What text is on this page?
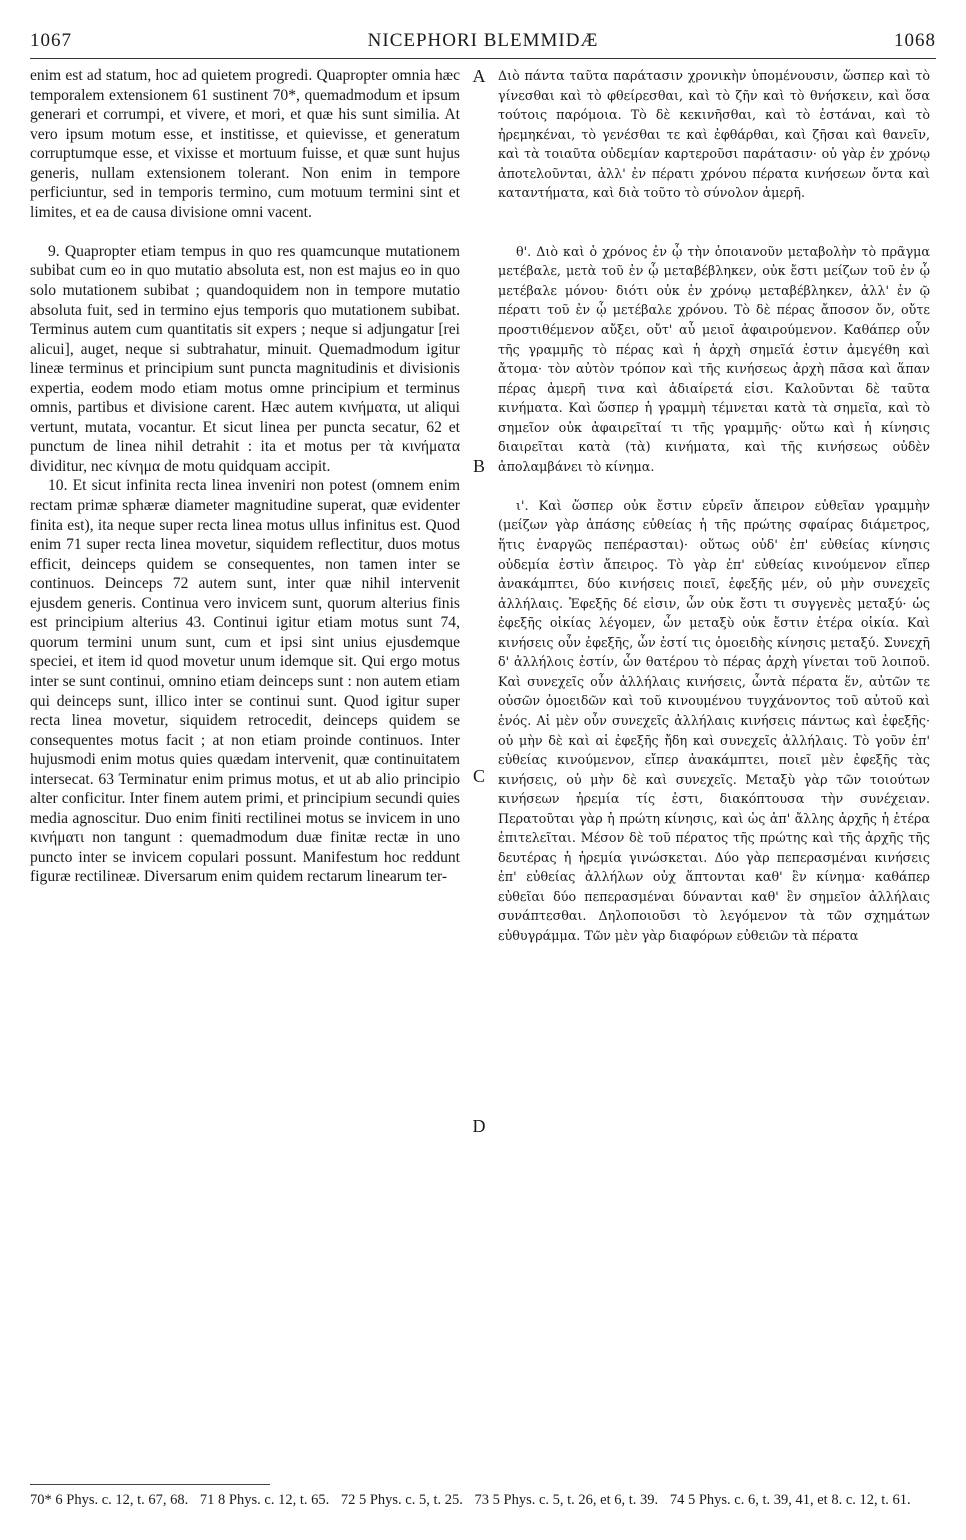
1067	NICEPHORI BLEMMIDÆ	1068

enim est ad statum, hoc ad quietem progredi. Quapropter omnia hæc temporalem extensionem 61 sustinent 70*, quemadmodum et ipsum generari et corrumpi, et vivere, et mori, et quæ his sunt similia. At vero ipsum motum esse, et institisse, et quievisse, et generatum corruptumque esse, et vixisse et mortuum fuisse, et quæ sunt hujus generis, nullam extensionem tolerant. Non enim in tempore perficiuntur, sed in temporis termino, cum motuum termini sint et limites, et ea de causa divisione omni vacent.

9. Quapropter etiam tempus in quo res quamcunque mutationem subibat cum eo in quo mutatio absoluta est, non est majus eo in quo solo mutationem subibat ; quandoquidem non in tempore mutatio absoluta fuit, sed in termino ejus temporis quo mutationem subibat. Terminus autem cum quantitatis sit expers ; neque si adjungatur [rei alicui], auget, neque si subtrahatur, minuit. Quemadmodum igitur lineæ terminus et principium sunt puncta magnitudinis et divisionis expertia, eodem modo etiam motus omne principium et terminus omnis, partibus et divisione carent. Hæc autem κινήματα, ut aliqui vertunt, mutata, vocantur. Et sicut linea per puncta secatur, 62 et punctum de linea nihil detrahit : ita et motus per τὰ κινήματα dividitur, nec κίνημα de motu quidquam accipit.

10. Et sicut infinita recta linea inveniri non potest (omnem enim rectam primæ sphæræ diameter magnitudine superat, quæ evidenter finita est), ita neque super recta linea motus ullus infinitus est. Quod enim 71 super recta linea movetur, siquidem reflectitur, duos motus efficit, deinceps quidem se consequentes, non tamen inter se continuos. Deinceps 72 autem sunt, inter quæ nihil intervenit ejusdem generis. Continua vero invicem sunt, quorum alterius finis est principium alterius 43. Continui igitur etiam motus sunt 74, quorum termini unum sunt, cum et ipsi sint unius ejusdemque speciei, et item id quod movetur unum idemque sit. Qui ergo motus inter se sunt continui, omnino etiam deinceps sunt : non autem etiam qui deinceps sunt, illico inter se continui sunt. Quod igitur super recta linea movetur, siquidem retrocedit, deinceps quidem se consequentes motus facit ; at non etiam proinde continuos. Inter hujusmodi enim motus quies quædam intervenit, quæ continuitatem intersecat. 63 Terminatur enim primus motus, et ut ab alio principio alter conficitur. Inter finem autem primi, et principium secundi quies media agnoscitur. Duo enim finiti rectilinei motus se invicem in uno κινήματι non tangunt : quemadmodum duæ finitæ rectæ in uno puncto inter se invicem copulari possunt. Manifestum hoc reddunt figuræ rectilineæ. Diversarum enim quidem rectarum linearum ter-

A
B
C
D

Διὸ πάντα ταῦτα παράτασιν χρονικὴν ὑπομένουσιν, ὥσπερ καὶ τὸ γίνεσθαι καὶ τὸ φθείρεσθαι, καὶ τὸ ζῆν καὶ τὸ θνήσκειν, καὶ ὅσα τούτοις παρόμοια. Τὸ δὲ κεκινῆσθαι, καὶ τὸ ἑστάναι, καὶ τὸ ἠρεμηκέναι, τὸ γενέσθαι τε καὶ ἐφθάρθαι, καὶ ζῆσαι καὶ θανεῖν, καὶ τὰ τοιαῦτα οὐδεμίαν καρτεροῦσι παράτασιν· οὐ γὰρ ἐν χρόνῳ ἀποτελοῦνται, ἀλλ' ἐν πέρατι χρόνου πέρατα κινήσεων ὄντα καὶ καταντήματα, καὶ διὰ τοῦτο τὸ σύνολον ἀμερῆ.

θ'. Διὸ καὶ ὁ χρόνος ἐν ᾧ τὴν ὁποιανοῦν μεταβολὴν τὸ πρᾶγμα μετέβαλε, μετὰ τοῦ ἐν ᾧ μεταβέβληκεν, οὐκ ἔστι μείζων τοῦ ἐν ᾧ μετέβαλε μόνου· διότι οὐκ ἐν χρόνῳ μεταβέβληκεν, ἀλλ' ἐν ῷ πέρατι τοῦ ἐν ᾧ μετέβαλε χρόνου. Τὸ δὲ πέρας ἄποσον ὄν, οὔτε προστιθέμενον αὔξει, οὔτ' αὖ μειοῖ ἀφαιρούμενον. Καθάπερ οὖν τῆς γραμμῆς τὸ πέρας καὶ ἡ ἀρχὴ σημεῖά ἐστιν ἀμεγέθη καὶ ἄτομα· τὸν αὐτὸν τρόπον καὶ τῆς κινήσεως ἀρχὴ πᾶσα καὶ ἅπαν πέρας ἀμερῆ τινα καὶ ἀδιαίρετά εἰσι. Καλοῦνται δὲ ταῦτα κινήματα. Καὶ ὥσπερ ἡ γραμμὴ τέμνεται κατὰ τὰ σημεῖα, καὶ τὸ σημεῖον οὐκ ἀφαιρεῖταί τι τῆς γραμμῆς· οὕτω καὶ ἡ κίνησις διαιρεῖται κατὰ (τὰ) κινήματα, καὶ τῆς κινήσεως οὐδὲν ἀπολαμβάνει τὸ κίνημα.

ι'. Καὶ ὥσπερ οὐκ ἔστιν εὑρεῖν ἄπειρον εὐθεῖαν γραμμὴν (μείζων γὰρ ἁπάσης εὐθείας ἡ τῆς πρώτης σφαίρας διάμετρος, ἥτις ἐναργῶς πεπέρασται)· οὕτως οὐδ' ἐπ' εὐθείας κίνησις οὐδεμία ἐστὶν ἄπειρος. Τὸ γὰρ ἐπ' εὐθείας κινούμενον εἴπερ ἀνακάμπτει, δύο κινήσεις ποιεῖ, ἐφεξῆς μέν, οὐ μὴν συνεχεῖς ἀλλήλαις. Ἐφεξῆς δέ εἰσιν, ὧν οὐκ ἔστι τι συγγενὲς μεταξύ· ὡς ἐφεξῆς οἰκίας λέγομεν, ὧν μεταξὺ οὐκ ἔστιν ἑτέρα οἰκία. Καὶ κινήσεις οὖν ἐφεξῆς, ὧν ἐστί τις ὁμοειδὴς κίνησις μεταξύ. Συνεχῆ δ' ἀλλήλοις ἐστίν, ὧν θατέρου τὸ πέρας ἀρχὴ γίνεται τοῦ λοιποῦ. Καὶ συνεχεῖς οὖν ἀλλήλαις κινήσεις, ὧντὰ πέρατα ἕν, αὐτῶν τε οὐσῶν ὁμοειδῶν καὶ τοῦ κινουμένου τυγχάνοντος τοῦ αὐτοῦ καὶ ἑνός. Αἱ μὲν οὖν συνεχεῖς ἀλλήλαις κινήσεις πάντως καὶ ἐφεξῆς· οὐ μὴν δὲ καὶ αἱ ἐφεξῆς ἤδη καὶ συνεχεῖς ἀλλήλαις. Τὸ γοῦν ἐπ' εὐθείας κινούμενον, εἴπερ ἀνακάμπτει, ποιεῖ μὲν ἐφεξῆς τὰς κινήσεις, οὐ μὴν δὲ καὶ συνεχεῖς. Μεταξὺ γὰρ τῶν τοιούτων κινήσεων ἠρεμία τίς ἐστι, διακόπτουσα τὴν συνέχειαν. Περατοῦται γὰρ ἡ πρώτη κίνησις, καὶ ὡς ἀπ' ἄλλης ἀρχῆς ἡ ἑτέρα ἐπιτελεῖται. Μέσον δὲ τοῦ πέρατος τῆς πρώτης καὶ τῆς ἀρχῆς τῆς δευτέρας ἡ ἠρεμία γινώσκεται. Δύο γὰρ πεπερασμέναι κινήσεις ἐπ' εὐθείας ἀλλήλων οὐχ ἅπτονται καθ' ἓν κίνημα· καθάπερ εὐθεῖαι δύο πεπερασμέναι δύνανται καθ' ἓν σημεῖον ἀλλήλαις συνάπτεσθαι. Δηλοποιοῦσι τὸ λεγόμενον τὰ τῶν σχημάτων εὐθυγράμμα. Τῶν μὲν γὰρ διαφόρων εὐθειῶν τὰ πέρατα

70* 6 Phys. c. 12, t. 67, 68. 71 8 Phys. c. 12, t. 65. 72 5 Phys. c. 5, t. 25. 73 5 Phys. c. 5, t. 26, et 6, t. 39. 74 5 Phys. c. 6, t. 39, 41, et 8. c. 12, t. 61.
